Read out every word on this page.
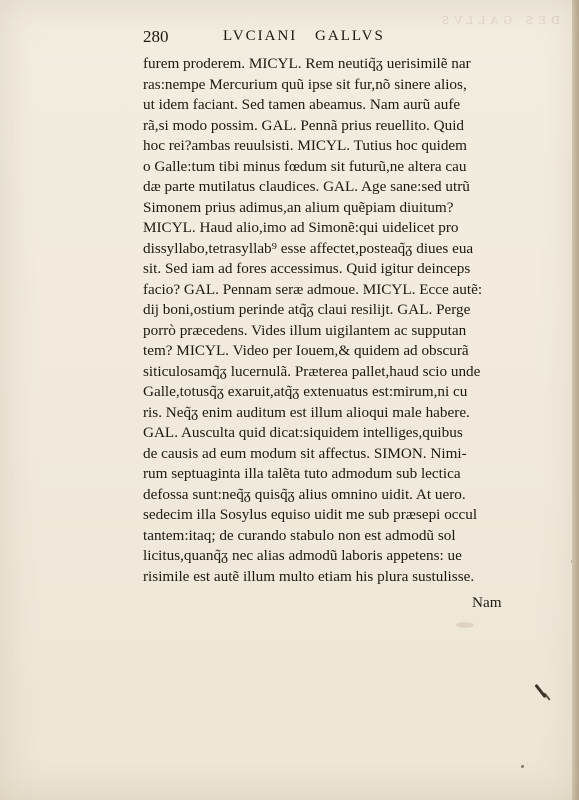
DES GALLVS
280	LVCIANI GALLVS
furem proderem. MICYL. Rem neutiq̃ᵹ uerisimilẽ nar
ras:nempe Mercurium quũ ipse sit fur,nõ sinere alios,
ut idem faciant. Sed tamen abeamus. Nam aurũ aufe
rã,si modo possim. GAL. Pennã prius reuellito. Quid
hoc rei?ambas reuulsisti. MICYL. Tutius hoc quidem
o Galle:tum tibi minus fœdum sit futurũ,ne altera cau
dæ parte mutilatus claudices. GAL. Age sane:sed utrũ
Simonem prius adimus,an alium quẽpiam diuitum?
MICYL. Haud alio,imo ad Simonẽ:qui uidelicet pro
dissyllabo,tetrasyllab⁹ esse affectet,posteaq̃ᵹ diues eua
sit. Sed iam ad fores accessimus. Quid igitur deinceps
facio? GAL. Pennam seræ admoue. MICYL. Ecce autẽ:
dĳ boni,ostium perinde atq̃ᵹ claui resilijt. GAL. Perge
porrò præcedens. Vides illum uigilantem ac supputan
tem? MICYL. Video per Iouem,& quidem ad obscurã
siticulosamq̃ᵹ lucernulã. Præterea pallet,haud scio unde
Galle,totusq̃ᵹ exaruit,atq̃ᵹ extenuatus est:mirum,ni cu
ris. Neq̃ᵹ enim auditum est illum alioqui male habere.
GAL. Ausculta quid dicat:siquidem intelliges,quibus
de causis ad eum modum sit affectus. SIMON. Nimi-
rum septuaginta illa talẽta tuto admodum sub lectica
defossa sunt:neq̃ᵹ quisq̃ᵹ alius omnino uidit. At uero.
sedecim illa Sosylus equiso uidit me sub præsepi occul
tantem:itaq; de curando stabulo non est admodũ sol
licitus,quanq̃ᵹ nec alias admodũ laboris appetens: ue
risimile est autẽ illum multo etiam his plura sustulisse.
Nam
